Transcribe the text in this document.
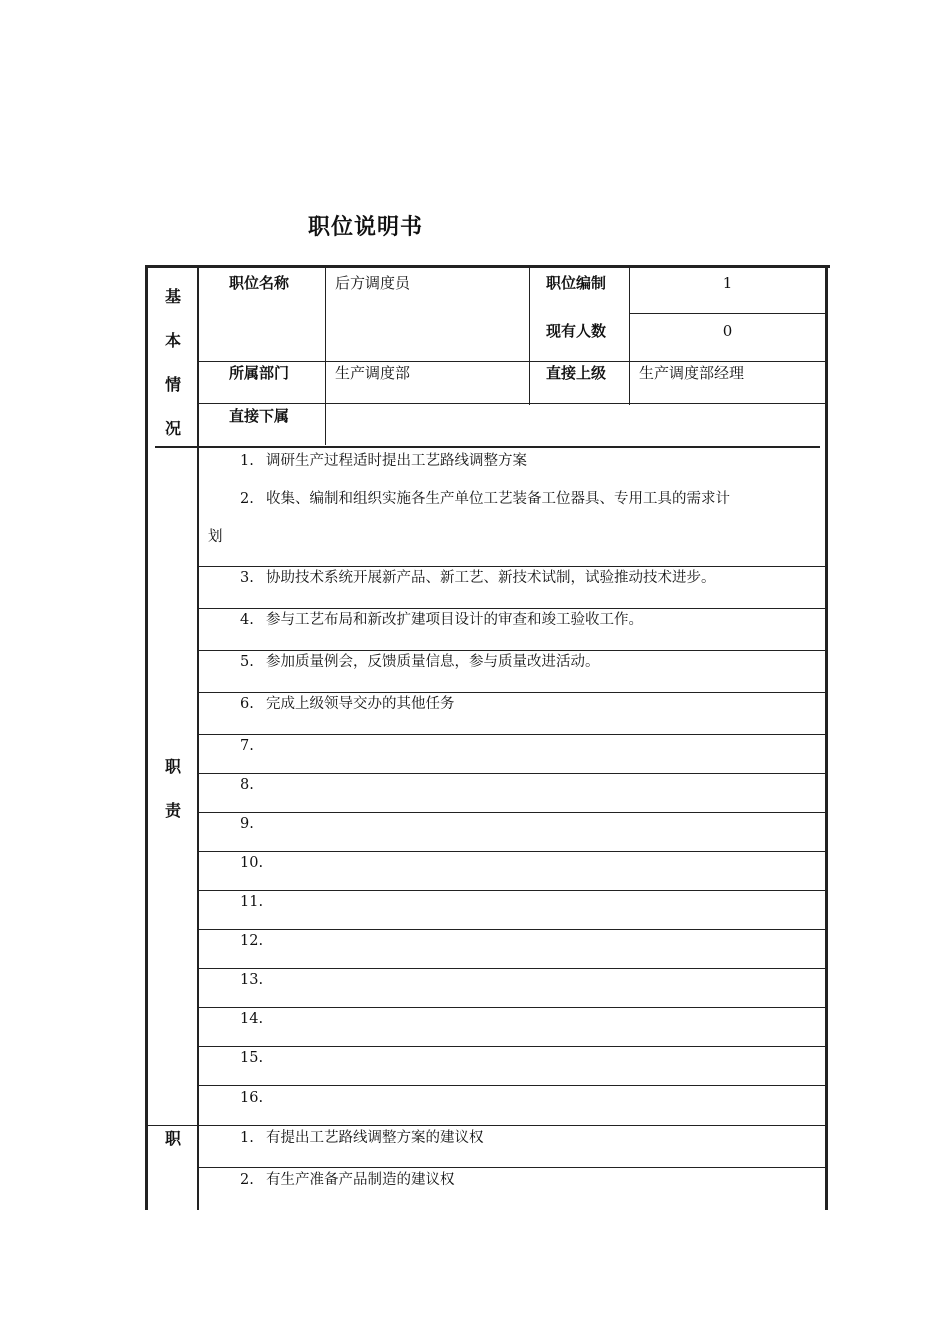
职位说明书
基
本
情
况
职位名称	后方调度员	职位编制	1
现有人数	0
所属部门	生产调度部	直接上级 生产调度部经理
直接下属
职
责
1. 调研生产过程适时提出工艺路线调整方案
2. 收集、编制和组织实施各生产单位工艺装备工位器具、专用工具的需求计
划
3. 协助技术系统开展新产品、新工艺、新技术试制，试验推动技术进步。
4. 参与工艺布局和新改扩建项目设计的审查和竣工验收工作。
5. 参加质量例会，反馈质量信息，参与质量改进活动。
6. 完成上级领导交办的其他任务
7.
8.
9.
10.
11.
12.
13.
14.
15.
16.
职	1. 有提出工艺路线调整方案的建议权
2. 有生产准备产品制造的建议权
